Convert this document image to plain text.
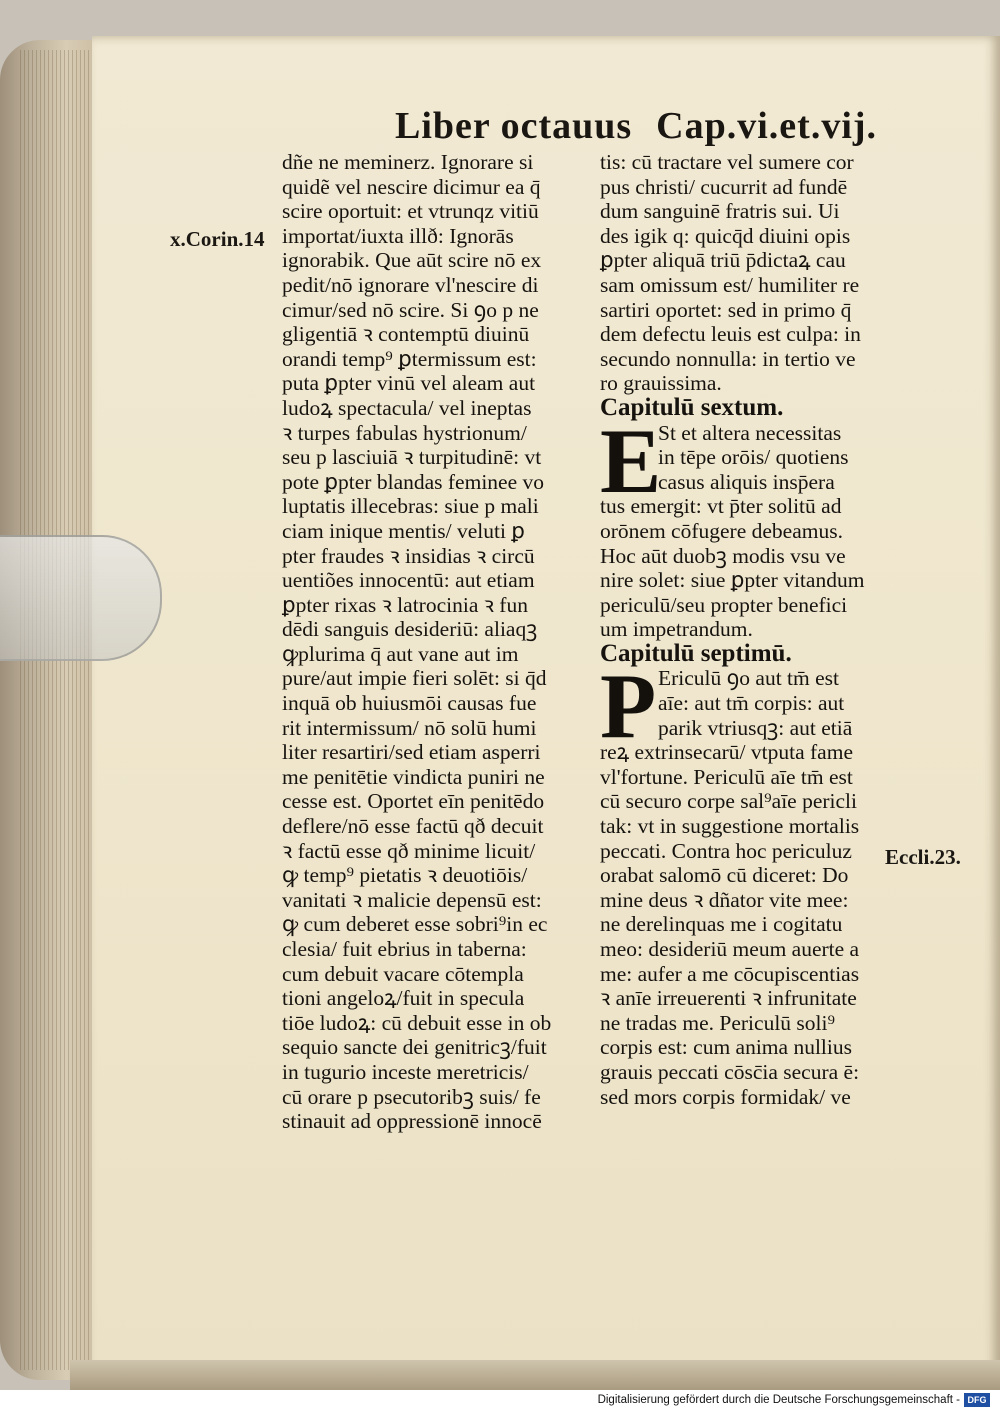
Liber octauus Cap.vi.et.vij.
x.Corin.14
Eccli.23.
dñe ne meminerz. Ignorare si
quidẽ vel nescire dicimur ea q̄
scire oportuit: et vtrunqz vitiū
importat/iuxta illð: Ignorās
ignorabik. Que aūt scire nō ex
pedit/nō ignorare vl'nescire di
cimur/sed nō scire. Si ꝯo p ne
gligentiā ꝛ contemptū diuinū
orandi temp⁹ ꝑtermissum est:
puta ꝑpter vinū vel aleam aut
ludoꝝ spectacula/ vel ineptas
ꝛ turpes fabulas hystrionum/
seu p lasciuiā ꝛ turpitudinē: vt
pote ꝑpter blandas feminee vo
luptatis illecebras: siue p mali
ciam inique mentis/ veluti ꝑ
pter fraudes ꝛ insidias ꝛ circū
uentiões innocentū: aut etiam
ꝑpter rixas ꝛ latrocinia ꝛ fun
dēdi sanguis desideriū: aliaqꝫ
ꝙplurima q̄ aut vane aut im
pure/aut impie fieri solēt: si q̄d
inquā ob huiusmōi causas fue
rit intermissum/ nō solū humi
liter resartiri/sed etiam asperri
me penitētie vindicta puniri ne
cesse est. Oportet eīn penitēdo
deflere/nō esse factū qð decuit
ꝛ factū esse qð minime licuit/
ꝙ temp⁹ pietatis ꝛ deuotiōis/
vanitati ꝛ malicie depensū est:
ꝙ cum deberet esse sobri⁹in ec
clesia/ fuit ebrius in taberna:
cum debuit vacare cōtempla
tioni angeloꝝ/fuit in specula
tiōe ludoꝝ: cū debuit esse in ob
sequio sancte dei genitricꝫ/fuit
in tugurio inceste meretricis/
cū orare p psecutoribꝫ suis/ fe
stinauit ad oppressionē innocē
tis: cū tractare vel sumere cor
pus christi/ cucurrit ad fundē
dum sanguinē fratris sui. Ui
des igik q: quicq̄d diuini opis
ꝑpter aliquā triū p̄dictaꝝ cau
sam omissum est/ humiliter re
sartiri oportet: sed in primo q̄
dem defectu leuis est culpa: in
secundo nonnulla: in tertio ve
ro grauissima.
Capitulū sextum.
E
St et altera necessitas
in tēpe orōis/ quotiens
casus aliquis insp̄era
tus emergit: vt p̄ter solitū ad
orōnem cōfugere debeamus.
Hoc aūt duobꝫ modis vsu ve
nire solet: siue ꝑpter vitandum
periculū/seu propter benefici
um impetrandum.
Capitulū septimū.
P Ericulū ꝯo aut tm̄ est
aīe: aut tm̄ corpis: aut
parik vtriusqꝫ: aut etiā
reꝝ extrinsecarū/ vtputa fame
vl'fortune. Periculū aīe tm̄ est
cū securo corpe sal⁹aīe pericli
tak: vt in suggestione mortalis
peccati. Contra hoc periculuz
orabat salomō cū diceret: Do
mine deus ꝛ dñator vite mee:
ne derelinquas me i cogitatu
meo: desideriū meum auerte a
me: aufer a me cōcupiscentias
ꝛ anīe irreuerenti ꝛ infrunitate
ne tradas me. Periculū soli⁹
corpis est: cum anima nullius
grauis peccati cōsc̄ia secura ē:
sed mors corpis formidak/ ve
Digitalisierung gefördert durch die Deutsche Forschungsgemeinschaft - DFG
